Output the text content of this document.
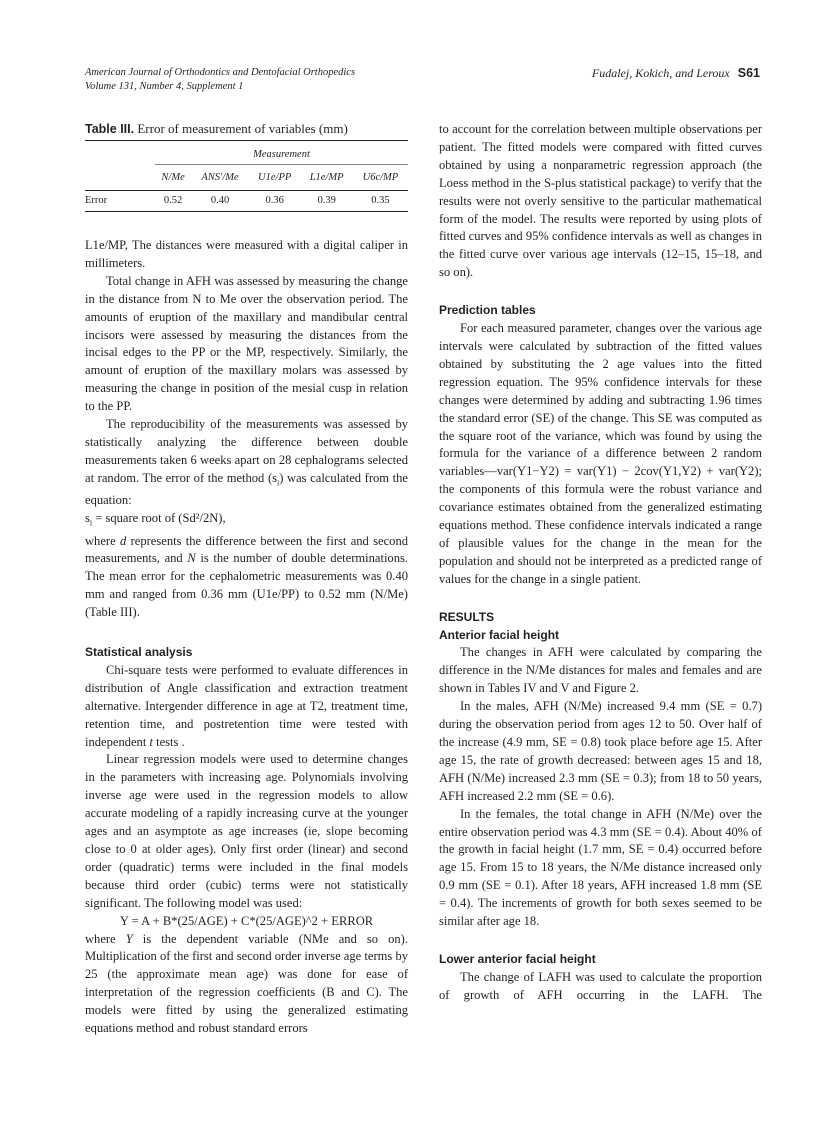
American Journal of Orthodontics and Dentofacial Orthopedics
Volume 131, Number 4, Supplement 1
Fudalej, Kokich, and Leroux S61
Table III. Error of measurement of variables (mm)

	Measurement				
	N/Me	ANS′/Me	U1e/PP	L1e/MP	U6c/MP
Error	0.52	0.40	0.36	0.39	0.35

L1e/MP, The distances were measured with a digital caliper in millimeters.

Total change in AFH was assessed by measuring the change in the distance from N to Me over the observation period. The amounts of eruption of the maxillary and mandibular central incisors were assessed by measuring the distances from the incisal edges to the PP or the MP, respectively. Similarly, the amount of eruption of the maxillary molars was assessed by measuring the change in position of the mesial cusp in relation to the PP.

The reproducibility of the measurements was assessed by statistically analyzing the difference between double measurements taken 6 weeks apart on 28 cephalograms selected at random. The error of the method $(s_i)$ was calculated from the equation:

$s_i$ = square root of (Sd²/2N),

where d represents the difference between the first and second measurements, and N is the number of double determinations. The mean error for the cephalometric measurements was 0.40 mm and ranged from 0.36 mm (U1e/PP) to 0.52 mm (N/Me) (Table III).

Statistical analysis

Chi-square tests were performed to evaluate differences in distribution of Angle classification and extraction treatment alternative. Intergender difference in age at T2, treatment time, retention time, and postretention time were tested with independent t tests .

Linear regression models were used to determine changes in the parameters with increasing age. Polynomials involving inverse age were used in the regression models to allow accurate modeling of a rapidly increasing curve at the younger ages and an asymptote as age increases (ie, slope becoming close to 0 at older ages). Only first order (linear) and second order (quadratic) terms were included in the final models because third order (cubic) terms were not statistically significant. The following model was used:

Y = A + B*(25/AGE) + C*(25/AGE)^2 + ERROR

where Y is the dependent variable (NMe and so on). Multiplication of the first and second order inverse age terms by 25 (the approximate mean age) was done for ease of interpretation of the regression coefficients (B and C). The models were fitted by using the generalized estimating equations method and robust standard errors

to account for the correlation between multiple observations per patient. The fitted models were compared with fitted curves obtained by using a nonparametric regression approach (the Loess method in the S-plus statistical package) to verify that the results were not overly sensitive to the particular mathematical form of the model. The results were reported by using plots of fitted curves and 95% confidence intervals as well as changes in the fitted curve over various age intervals (12–15, 15–18, and so on).

Prediction tables

For each measured parameter, changes over the various age intervals were calculated by subtraction of the fitted values obtained by substituting the 2 age values into the fitted regression equation. The 95% confidence intervals for these changes were determined by adding and subtracting 1.96 times the standard error (SE) of the change. This SE was computed as the square root of the variance, which was found by using the formula for the variance of a difference between 2 random variables—var(Y1−Y2) = var(Y1) − 2cov(Y1,Y2) + var(Y2); the components of this formula were the robust variance and covariance estimates obtained from the generalized estimating equations method. These confidence intervals indicated a range of plausible values for the change in the mean for the population and should not be interpreted as a predicted range of values for the change in a single patient.

RESULTS
Anterior facial height

The changes in AFH were calculated by comparing the difference in the N/Me distances for males and females and are shown in Tables IV and V and Figure 2.

In the males, AFH (N/Me) increased 9.4 mm (SE = 0.7) during the observation period from ages 12 to 50. Over half of the increase (4.9 mm, SE = 0.8) took place before age 15. After age 15, the rate of growth decreased: between ages 15 and 18, AFH (N/Me) increased 2.3 mm (SE = 0.3); from 18 to 50 years, AFH increased 2.2 mm (SE = 0.6).

In the females, the total change in AFH (N/Me) over the entire observation period was 4.3 mm (SE = 0.4). About 40% of the growth in facial height (1.7 mm, SE = 0.4) occurred before age 15. From 15 to 18 years, the N/Me distance increased only 0.9 mm (SE = 0.1). After 18 years, AFH increased 1.8 mm (SE = 0.4). The increments of growth for both sexes seemed to be similar after age 18.

Lower anterior facial height

The change of LAFH was used to calculate the proportion of growth of AFH occurring in the LAFH. The
